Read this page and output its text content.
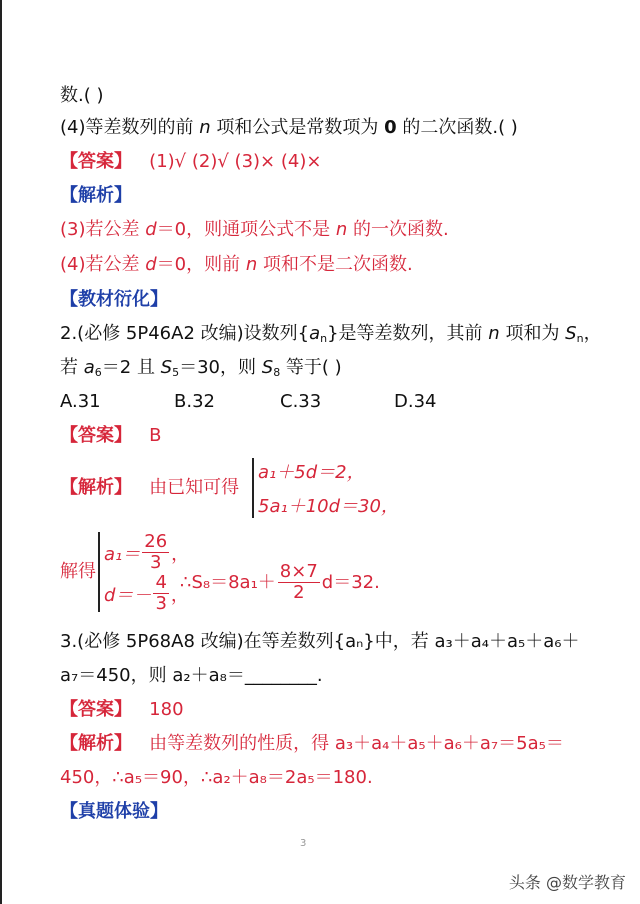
数.( )
(4)等差数列的前 n 项和公式是常数项为 0 的二次函数.( )
【答案】 (1)√ (2)√ (3)× (4)×
【解析】
(3)若公差 d＝0，则通项公式不是 n 的一次函数.
(4)若公差 d＝0，则前 n 项和不是二次函数.
【教材衍化】
2.(必修 5P46A2 改编)设数列$\{a_n\}$是等差数列，其前 n 项和为 $S_n$，
若 $a_6=2$ 且 $S_5=30$，则 $S_8$ 等于( )
A.31	B.32	C.33	D.34
【答案】 B
【解析】 由已知可得
a₁＋5d＝2，
5a₁＋10d＝30，
解得
$a_1= \frac{26}{3}$ ，
$d=- \frac{4}{3}$ ，
∴S₈＝8a₁＋ $\frac{8\times 7}{2} d=32$.
3.(必修 5P68A8 改编)在等差数列{aₙ}中，若 a₃＋a₄＋a₅＋a₆＋
a₇＝450，则 a₂＋a₈＝________.
【答案】 180
【解析】 由等差数列的性质，得 a₃＋a₄＋a₅＋a₆＋a₇＝5a₅＝
450，∴a₅＝90，∴a₂＋a₈＝2a₅＝180.
【真题体验】
3
头条 @数学教育
